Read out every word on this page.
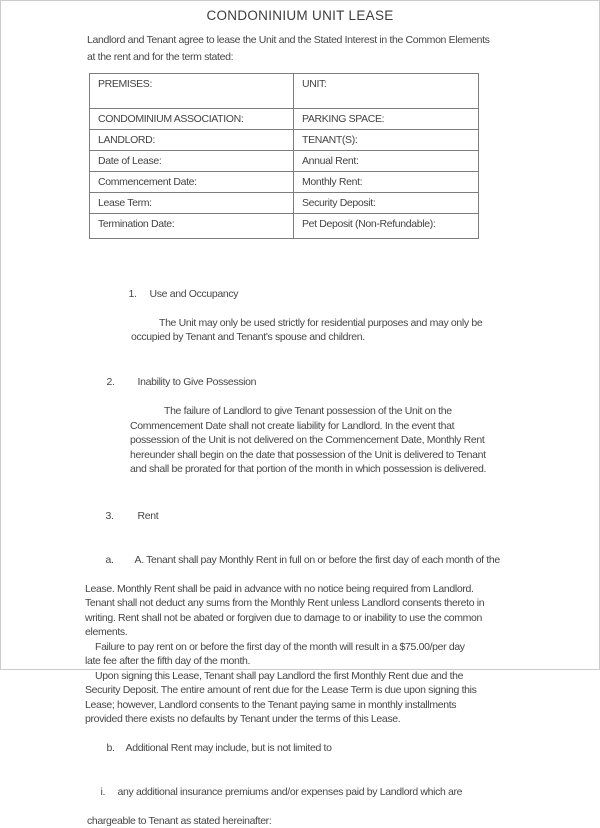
CONDONINIUM UNIT LEASE
Landlord and Tenant agree to lease the Unit and the Stated Interest in the Common Elements
at the rent and for the term stated:
PREMISES:	UNIT:
CONDOMINIUM ASSOCIATION:	PARKING SPACE:
LANDLORD:	TENANT(S):
Date of Lease:	Annual Rent:
Commencement Date:	Monthly Rent:
Lease Term:	Security Deposit:
Termination Date:	Pet Deposit (Non-Refundable):

1. Use and Occupancy

The Unit may only be used strictly for residential purposes and may only be
occupied by Tenant and Tenant's spouse and children.

2. Inability to Give Possession

The failure of Landlord to give Tenant possession of the Unit on the
Commencement Date shall not create liability for Landlord. In the event that
possession of the Unit is not delivered on the Commencement Date, Monthly Rent
hereunder shall begin on the date that possession of the Unit is delivered to Tenant
and shall be prorated for that portion of the month in which possession is delivered.

3. Rent

a. A. Tenant shall pay Monthly Rent in full on or before the first day of each month of the

Lease. Monthly Rent shall be paid in advance with no notice being required from Landlord.
Tenant shall not deduct any sums from the Monthly Rent unless Landlord consents thereto in
writing. Rent shall not be abated or forgiven due to damage to or inability to use the common
elements.
Failure to pay rent on or before the first day of the month will result in a $75.00/per day
late fee after the fifth day of the month.
Upon signing this Lease, Tenant shall pay Landlord the first Monthly Rent due and the
Security Deposit. The entire amount of rent due for the Lease Term is due upon signing this
Lease; however, Landlord consents to the Tenant paying same in monthly installments
provided there exists no defaults by Tenant under the terms of this Lease.

b. Additional Rent may include, but is not limited to

i. any additional insurance premiums and/or expenses paid by Landlord which are

chargeable to Tenant as stated hereinafter:
